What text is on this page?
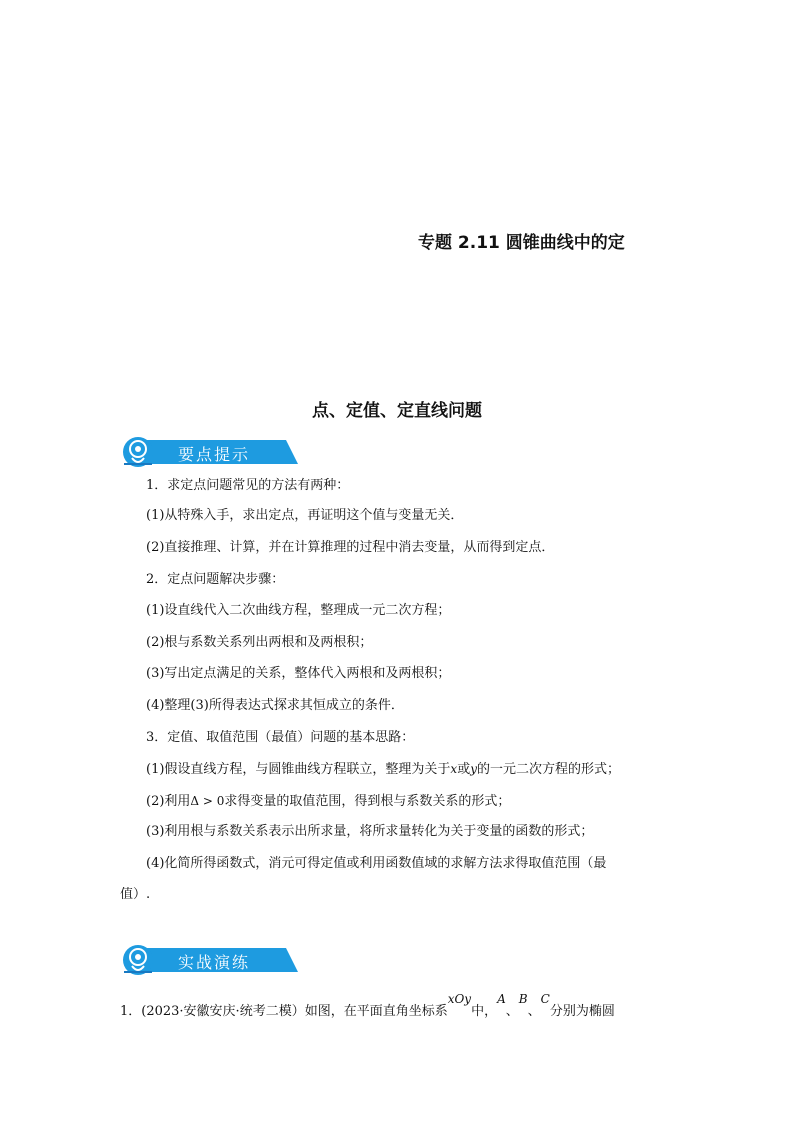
专题 2.11 圆锥曲线中的定
点、定值、定直线问题
要点提示
1．求定点问题常见的方法有两种：
(1)从特殊入手，求出定点，再证明这个值与变量无关．
(2)直接推理、计算，并在计算推理的过程中消去变量，从而得到定点．
2．定点问题解决步骤：
(1)设直线代入二次曲线方程，整理成一元二次方程；
(2)根与系数关系列出两根和及两根积；
(3)写出定点满足的关系，整体代入两根和及两根积；
(4)整理(3)所得表达式探求其恒成立的条件．
3．定值、取值范围（最值）问题的基本思路：
(1)假设直线方程，与圆锥曲线方程联立，整理为关于x或y的一元二次方程的形式；
(2)利用Δ > 0求得变量的取值范围，得到根与系数关系的形式；
(3)利用根与系数关系表示出所求量，将所求量转化为关于变量的函数的形式；
(4)化简所得函数式，消元可得定值或利用函数值域的求解方法求得取值范围（最
值）.
实战演练
1．(2023·安徽安庆·统考二模）如图，在平面直角坐标系xOy中，A、B、C分别为椭圆
